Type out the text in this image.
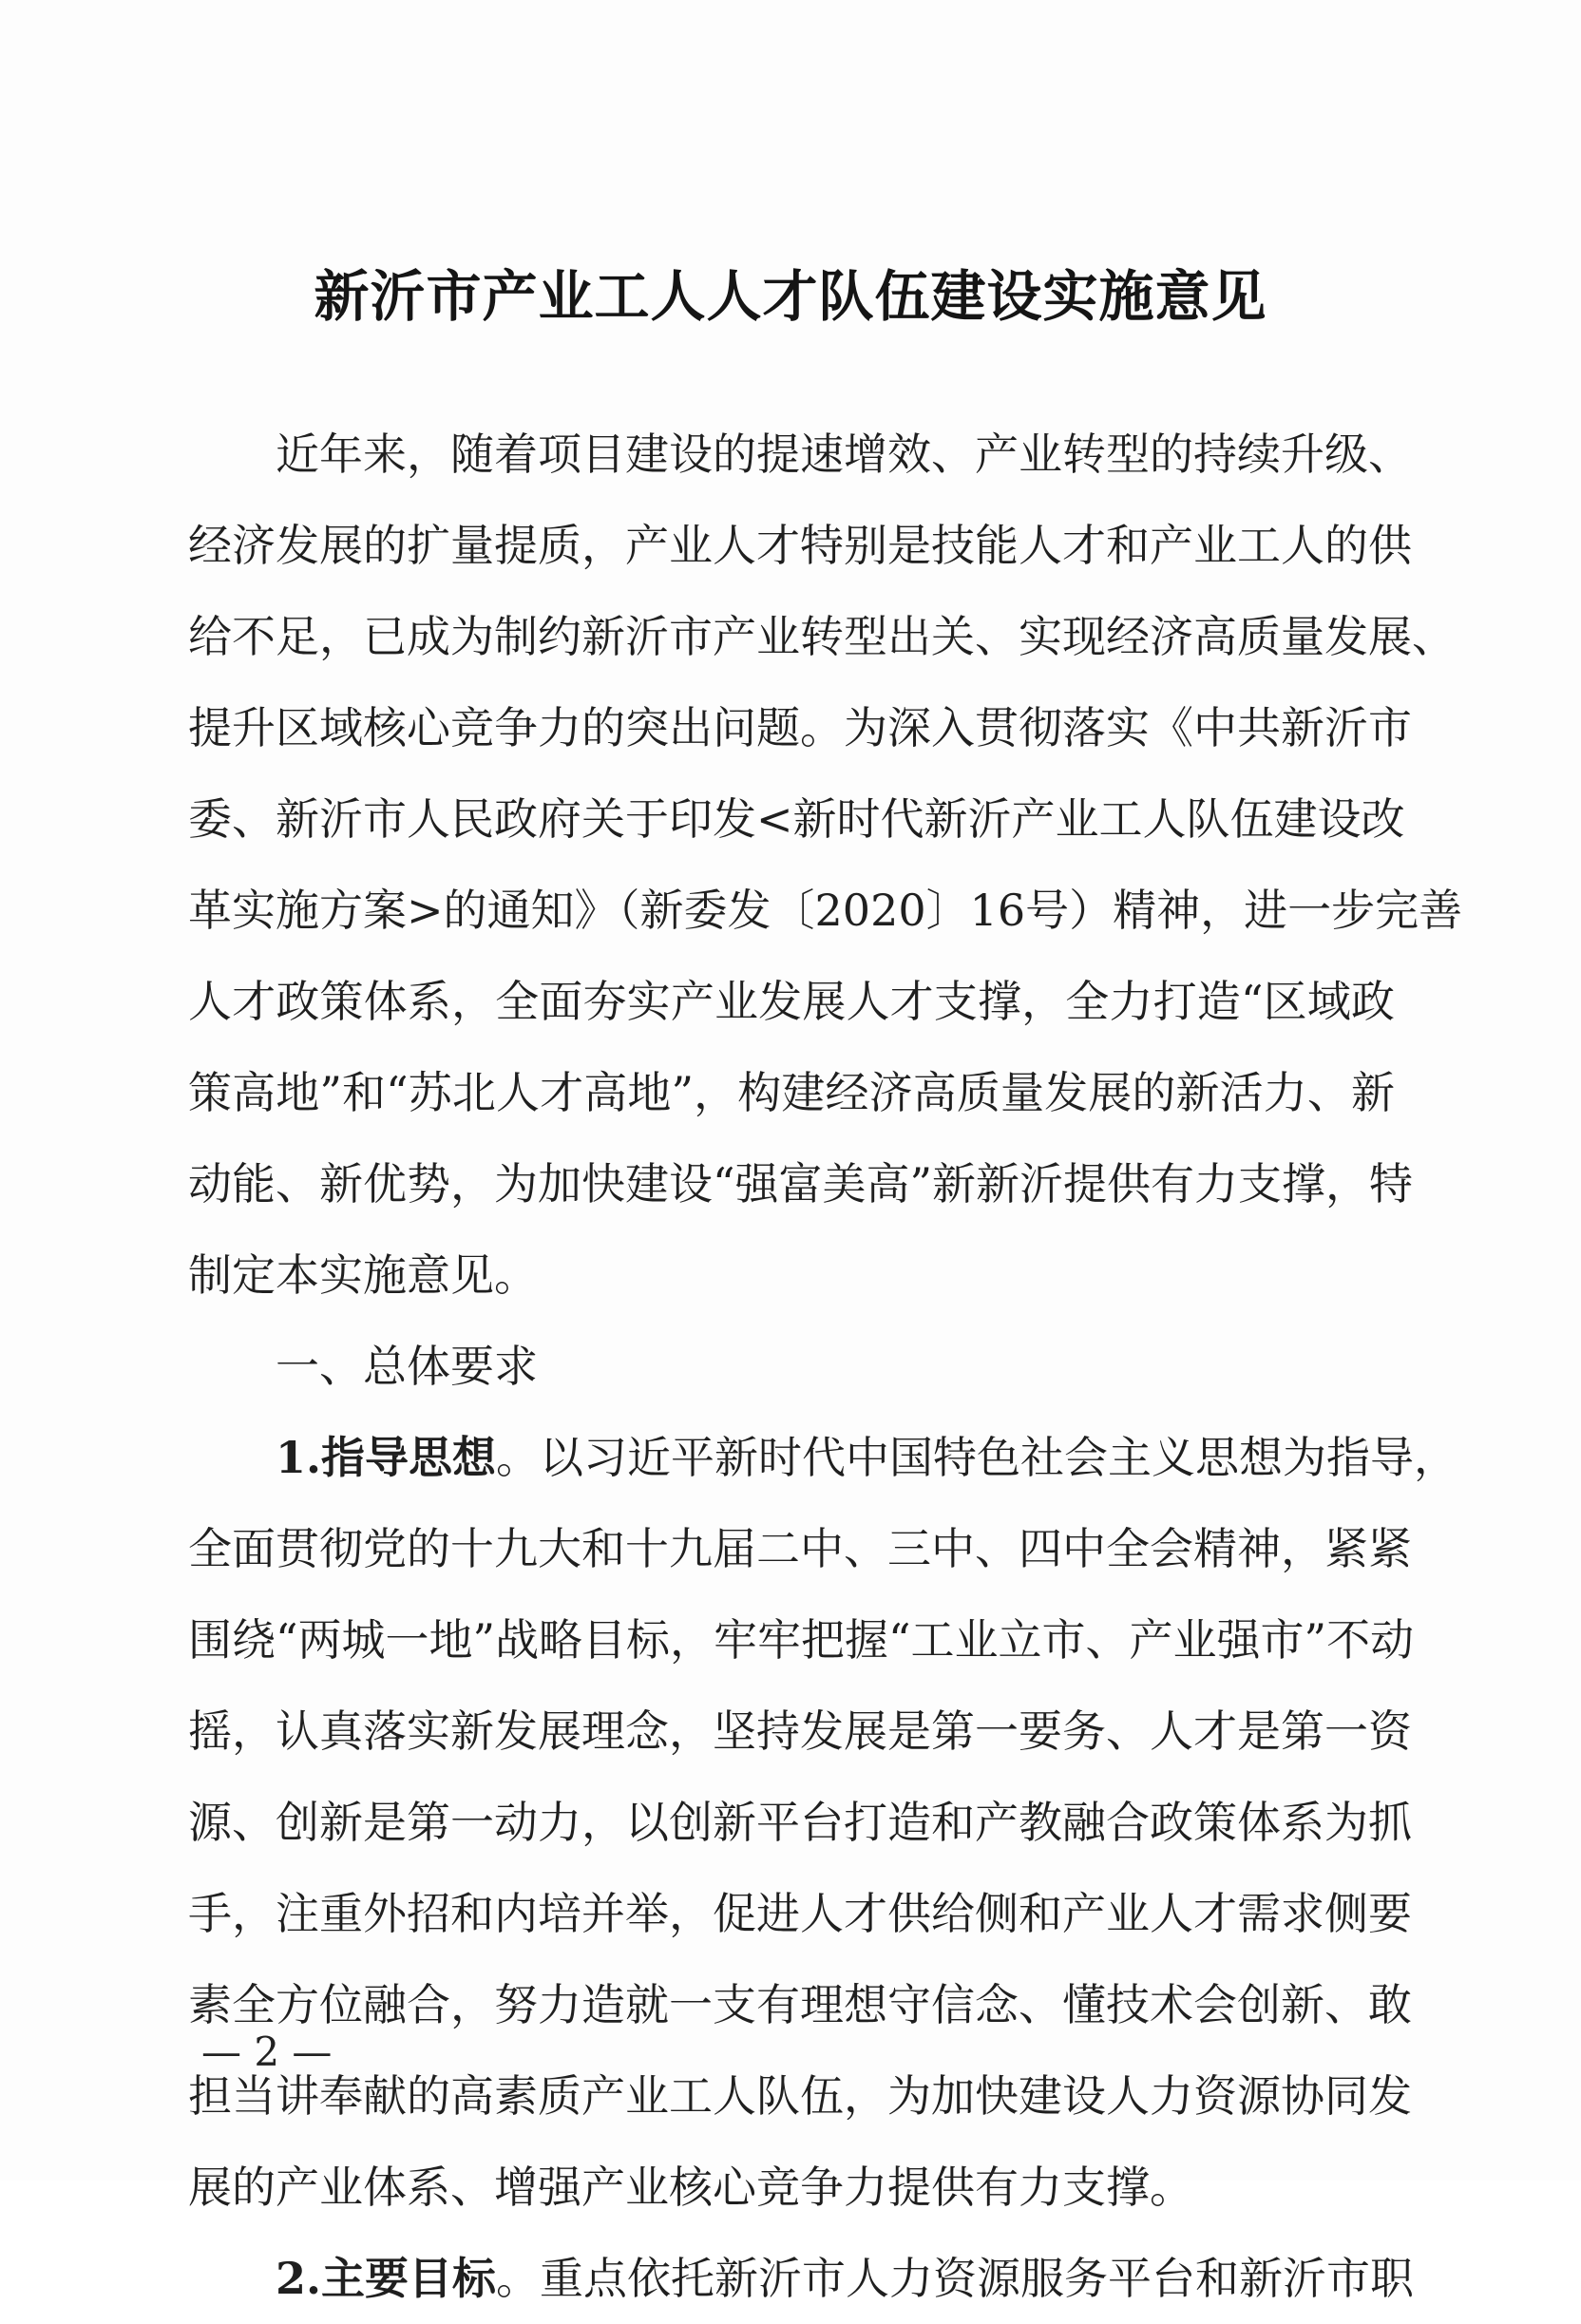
新沂市产业工人人才队伍建设实施意见
近年来，随着项目建设的提速增效、产业转型的持续升级、
经济发展的扩量提质，产业人才特别是技能人才和产业工人的供
给不足，已成为制约新沂市产业转型出关、实现经济高质量发展、
提升区域核心竞争力的突出问题。为深入贯彻落实《中共新沂市
委、新沂市人民政府关于印发<新时代新沂产业工人队伍建设改
革实施方案>的通知》（新委发〔2020〕16号）精神，进一步完善
人才政策体系，全面夯实产业发展人才支撑，全力打造“区域政
策高地”和“苏北人才高地”，构建经济高质量发展的新活力、新
动能、新优势，为加快建设“强富美高”新新沂提供有力支撑，特
制定本实施意见。
一、总体要求
1.指导思想。以习近平新时代中国特色社会主义思想为指导，
全面贯彻党的十九大和十九届二中、三中、四中全会精神，紧紧
围绕“两城一地”战略目标，牢牢把握“工业立市、产业强市”不动
摇，认真落实新发展理念，坚持发展是第一要务、人才是第一资
源、创新是第一动力，以创新平台打造和产教融合政策体系为抓
手，注重外招和内培并举，促进人才供给侧和产业人才需求侧要
素全方位融合，努力造就一支有理想守信念、懂技术会创新、敢
担当讲奉献的高素质产业工人队伍，为加快建设人力资源协同发
展的产业体系、增强产业核心竞争力提供有力支撑。
2.主要目标。重点依托新沂市人力资源服务平台和新沂市职
— 2 —
